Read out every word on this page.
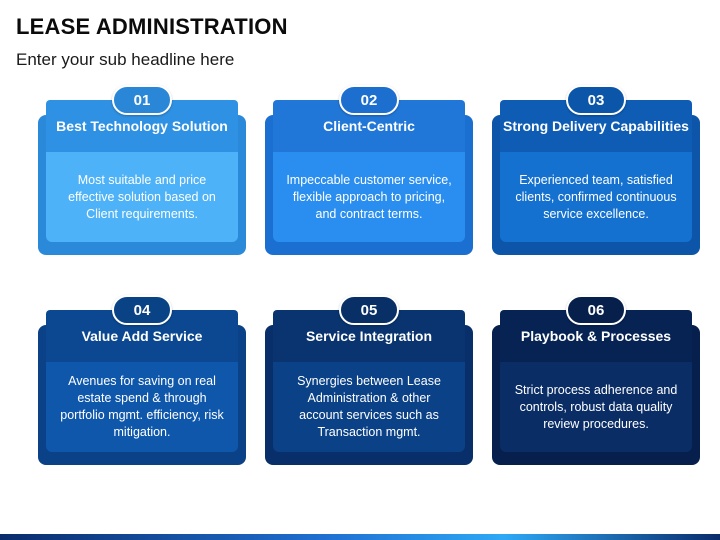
LEASE ADMINISTRATION
Enter your sub headline here
Best Technology Solution
Most suitable and price effective solution based on Client requirements.
01
Client-Centric
Impeccable customer service, flexible approach to pricing, and contract terms.
02
Strong Delivery Capabilities
Experienced team, satisfied clients, confirmed continuous service excellence.
03
Value Add Service
Avenues for saving on real estate spend & through portfolio mgmt. efficiency, risk mitigation.
04
Service Integration
Synergies between Lease Administration & other account services such as Transaction mgmt.
05
Playbook & Processes
Strict process adherence and controls, robust data quality review procedures.
06
